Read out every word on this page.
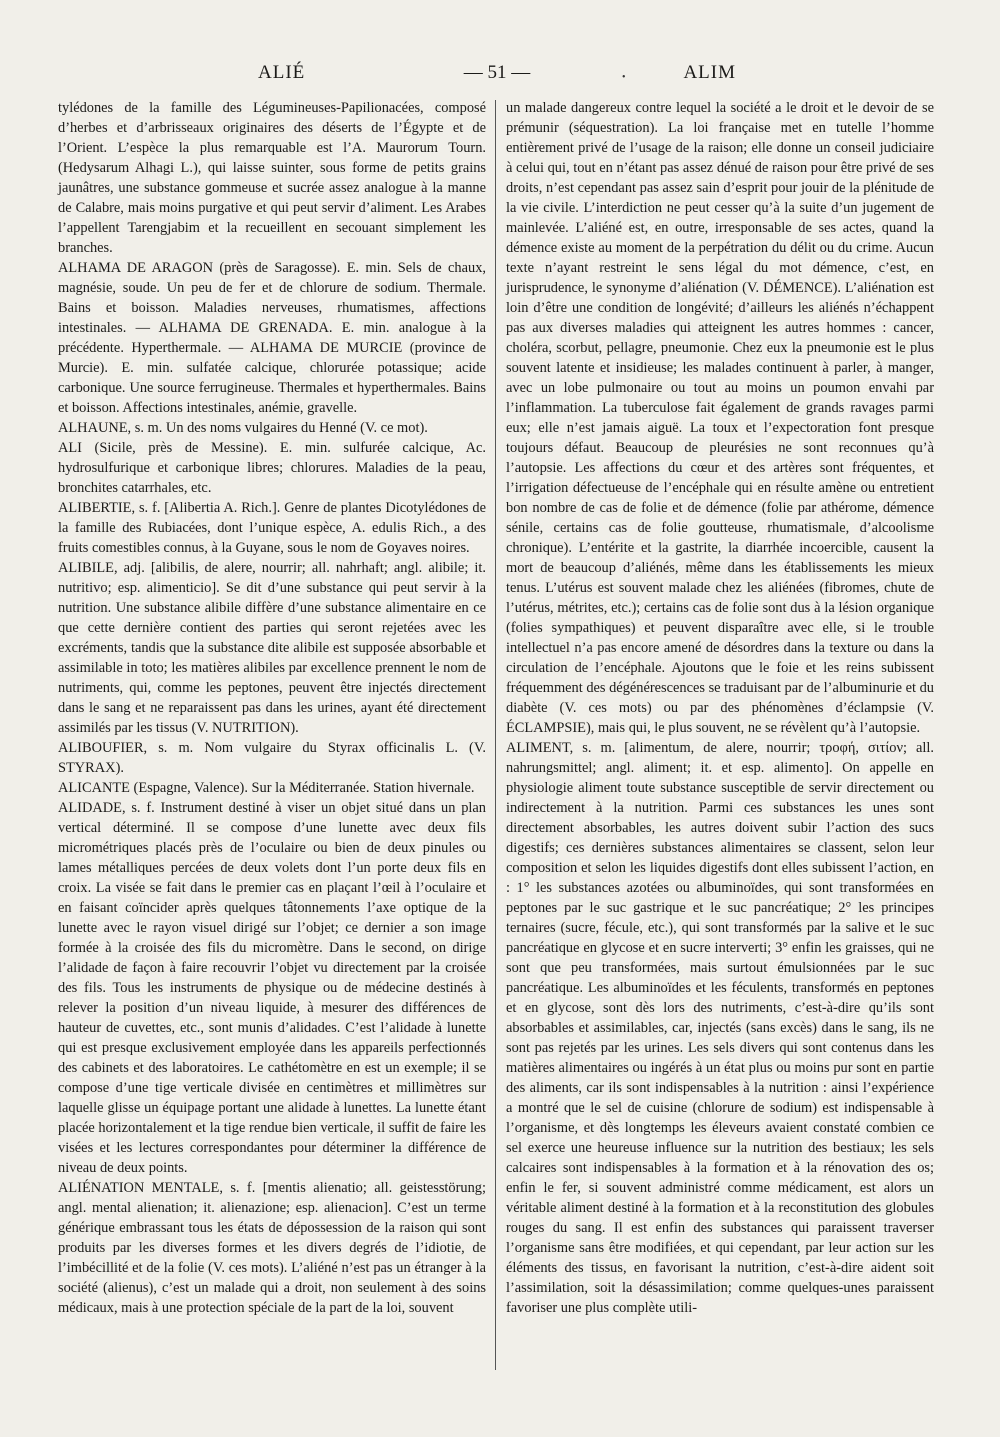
ALIÉ	— 51 —	ALIM
•

tylédones de la famille des Légumineuses-Papilionacées, composé d’herbes et d’arbrisseaux originaires des déserts de l’Égypte et de l’Orient. L’espèce la plus remarquable est l’A. Maurorum Tourn. (Hedysarum Alhagi L.), qui laisse suinter, sous forme de petits grains jaunâtres, une substance gommeuse et sucrée assez analogue à la manne de Calabre, mais moins purgative et qui peut servir d’aliment. Les Arabes l’appellent Tarengjabim et la recueillent en secouant simplement les branches.

ALHAMA DE ARAGON (près de Saragosse). E. min. Sels de chaux, magnésie, soude. Un peu de fer et de chlorure de sodium. Thermale. Bains et boisson. Maladies nerveuses, rhumatismes, affections intestinales. — ALHAMA DE GRENADA. E. min. analogue à la précédente. Hyperthermale. — ALHAMA DE MURCIE (province de Murcie). E. min. sulfatée calcique, chlorurée potassique; acide carbonique. Une source ferrugineuse. Thermales et hyperthermales. Bains et boisson. Affections intestinales, anémie, gravelle.

ALHAUNE, s. m. Un des noms vulgaires du Henné (V. ce mot).

ALI (Sicile, près de Messine). E. min. sulfurée calcique, Ac. hydrosulfurique et carbonique libres; chlorures. Maladies de la peau, bronchites catarrhales, etc.

ALIBERTIE, s. f. [Alibertia A. Rich.]. Genre de plantes Dicotylédones de la famille des Rubiacées, dont l’unique espèce, A. edulis Rich., a des fruits comestibles connus, à la Guyane, sous le nom de Goyaves noires.

ALIBILE, adj. [alibilis, de alere, nourrir; all. nahrhaft; angl. alibile; it. nutritivo; esp. alimenticio]. Se dit d’une substance qui peut servir à la nutrition. Une substance alibile diffère d’une substance alimentaire en ce que cette dernière contient des parties qui seront rejetées avec les excréments, tandis que la substance dite alibile est supposée absorbable et assimilable in toto; les matières alibiles par excellence prennent le nom de nutriments, qui, comme les peptones, peuvent être injectés directement dans le sang et ne reparaissent pas dans les urines, ayant été directement assimilés par les tissus (V. NUTRITION).

ALIBOUFIER, s. m. Nom vulgaire du Styrax officinalis L. (V. STYRAX).

ALICANTE (Espagne, Valence). Sur la Méditerranée. Station hivernale.

ALIDADE, s. f. Instrument destiné à viser un objet situé dans un plan vertical déterminé. Il se compose d’une lunette avec deux fils micrométriques placés près de l’oculaire ou bien de deux pinules ou lames métalliques percées de deux volets dont l’un porte deux fils en croix. La visée se fait dans le premier cas en plaçant l’œil à l’oculaire et en faisant coïncider après quelques tâtonnements l’axe optique de la lunette avec le rayon visuel dirigé sur l’objet; ce dernier a son image formée à la croisée des fils du micromètre. Dans le second, on dirige l’alidade de façon à faire recouvrir l’objet vu directement par la croisée des fils. Tous les instruments de physique ou de médecine destinés à relever la position d’un niveau liquide, à mesurer des différences de hauteur de cuvettes, etc., sont munis d’alidades. C’est l’alidade à lunette qui est presque exclusivement employée dans les appareils perfectionnés des cabinets et des laboratoires. Le cathétomètre en est un exemple; il se compose d’une tige verticale divisée en centimètres et millimètres sur laquelle glisse un équipage portant une alidade à lunettes. La lunette étant placée horizontalement et la tige rendue bien verticale, il suffit de faire les visées et les lectures correspondantes pour déterminer la différence de niveau de deux points.

ALIÉNATION MENTALE, s. f. [mentis alienatio; all. geistesstörung; angl. mental alienation; it. alienazione; esp. alienacion]. C’est un terme générique embrassant tous les états de dépossession de la raison qui sont produits par les diverses formes et les divers degrés de l’idiotie, de l’imbécillité et de la folie (V. ces mots). L’aliéné n’est pas un étranger à la société (alienus), c’est un malade qui a droit, non seulement à des soins médicaux, mais à une protection spéciale de la part de la loi, souvent

un malade dangereux contre lequel la société a le droit et le devoir de se prémunir (séquestration). La loi française met en tutelle l’homme entièrement privé de l’usage de la raison; elle donne un conseil judiciaire à celui qui, tout en n’étant pas assez dénué de raison pour être privé de ses droits, n’est cependant pas assez sain d’esprit pour jouir de la plénitude de la vie civile. L’interdiction ne peut cesser qu’à la suite d’un jugement de mainlevée. L’aliéné est, en outre, irresponsable de ses actes, quand la démence existe au moment de la perpétration du délit ou du crime. Aucun texte n’ayant restreint le sens légal du mot démence, c’est, en jurisprudence, le synonyme d’aliénation (V. DÉMENCE). L’aliénation est loin d’être une condition de longévité; d’ailleurs les aliénés n’échappent pas aux diverses maladies qui atteignent les autres hommes : cancer, choléra, scorbut, pellagre, pneumonie. Chez eux la pneumonie est le plus souvent latente et insidieuse; les malades continuent à parler, à manger, avec un lobe pulmonaire ou tout au moins un poumon envahi par l’inflammation. La tuberculose fait également de grands ravages parmi eux; elle n’est jamais aiguë. La toux et l’expectoration font presque toujours défaut. Beaucoup de pleurésies ne sont reconnues qu’à l’autopsie. Les affections du cœur et des artères sont fréquentes, et l’irrigation défectueuse de l’encéphale qui en résulte amène ou entretient bon nombre de cas de folie et de démence (folie par athérome, démence sénile, certains cas de folie goutteuse, rhumatismale, d’alcoolisme chronique). L’entérite et la gastrite, la diarrhée incoercible, causent la mort de beaucoup d’aliénés, même dans les établissements les mieux tenus. L’utérus est souvent malade chez les aliénées (fibromes, chute de l’utérus, métrites, etc.); certains cas de folie sont dus à la lésion organique (folies sympathiques) et peuvent disparaître avec elle, si le trouble intellectuel n’a pas encore amené de désordres dans la texture ou dans la circulation de l’encéphale. Ajoutons que le foie et les reins subissent fréquemment des dégénérescences se traduisant par de l’albuminurie et du diabète (V. ces mots) ou par des phénomènes d’éclampsie (V. ÉCLAMPSIE), mais qui, le plus souvent, ne se révèlent qu’à l’autopsie.

ALIMENT, s. m. [alimentum, de alere, nourrir; τροφή, σιτίον; all. nahrungsmittel; angl. aliment; it. et esp. alimento]. On appelle en physiologie aliment toute substance susceptible de servir directement ou indirectement à la nutrition. Parmi ces substances les unes sont directement absorbables, les autres doivent subir l’action des sucs digestifs; ces dernières substances alimentaires se classent, selon leur composition et selon les liquides digestifs dont elles subissent l’action, en : 1° les substances azotées ou albuminoïdes, qui sont transformées en peptones par le suc gastrique et le suc pancréatique; 2° les principes ternaires (sucre, fécule, etc.), qui sont transformés par la salive et le suc pancréatique en glycose et en sucre interverti; 3° enfin les graisses, qui ne sont que peu transformées, mais surtout émulsionnées par le suc pancréatique. Les albuminoïdes et les féculents, transformés en peptones et en glycose, sont dès lors des nutriments, c’est-à-dire qu’ils sont absorbables et assimilables, car, injectés (sans excès) dans le sang, ils ne sont pas rejetés par les urines. Les sels divers qui sont contenus dans les matières alimentaires ou ingérés à un état plus ou moins pur sont en partie des aliments, car ils sont indispensables à la nutrition : ainsi l’expérience a montré que le sel de cuisine (chlorure de sodium) est indispensable à l’organisme, et dès longtemps les éleveurs avaient constaté combien ce sel exerce une heureuse influence sur la nutrition des bestiaux; les sels calcaires sont indispensables à la formation et à la rénovation des os; enfin le fer, si souvent administré comme médicament, est alors un véritable aliment destiné à la formation et à la reconstitution des globules rouges du sang. Il est enfin des substances qui paraissent traverser l’organisme sans être modifiées, et qui cependant, par leur action sur les éléments des tissus, en favorisant la nutrition, c’est-à-dire aident soit l’assimilation, soit la désassimilation; comme quelques-unes paraissent favoriser une plus complète utili-
